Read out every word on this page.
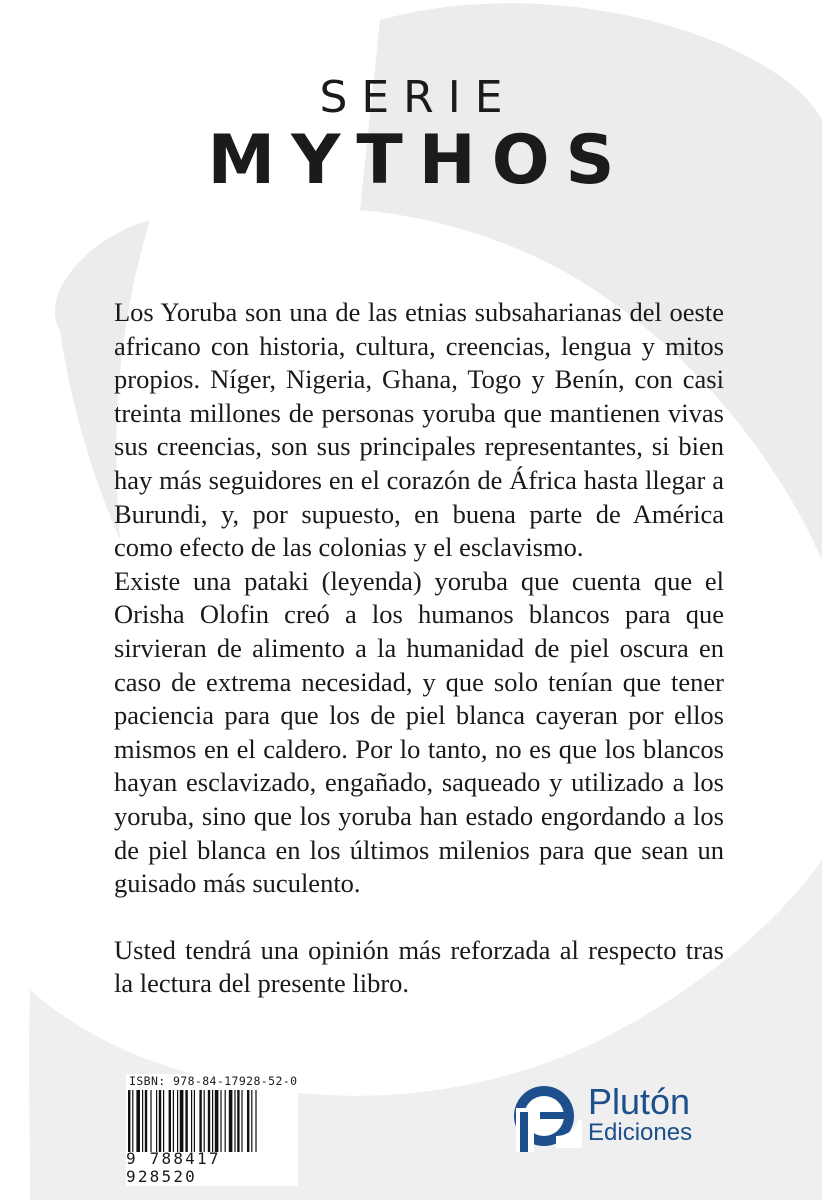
SERIE
MYTHOS

Los Yoruba son una de las etnias subsaharianas del oeste africano con historia, cultura, creencias, lengua y mitos propios. Níger, Nigeria, Ghana, Togo y Benín, con casi treinta millones de personas yoruba que mantienen vivas sus creencias, son sus principales representantes, si bien hay más seguidores en el corazón de África hasta llegar a Burundi, y, por supuesto, en buena parte de América como efecto de las colonias y el esclavismo.

Existe una pataki (leyenda) yoruba que cuenta que el Orisha Olofin creó a los humanos blancos para que sirvieran de alimento a la humanidad de piel oscura en caso de extrema necesidad, y que solo tenían que tener paciencia para que los de piel blanca cayeran por ellos mismos en el caldero. Por lo tanto, no es que los blancos hayan esclavizado, engañado, saqueado y utilizado a los yoruba, sino que los yoruba han estado engordando a los de piel blanca en los últimos milenios para que sean un guisado más suculento.

Usted tendrá una opinión más reforzada al respecto tras la lectura del presente libro.

ISBN: 978-84-17928-52-0
9 788417 928520
Plutón
Ediciones
